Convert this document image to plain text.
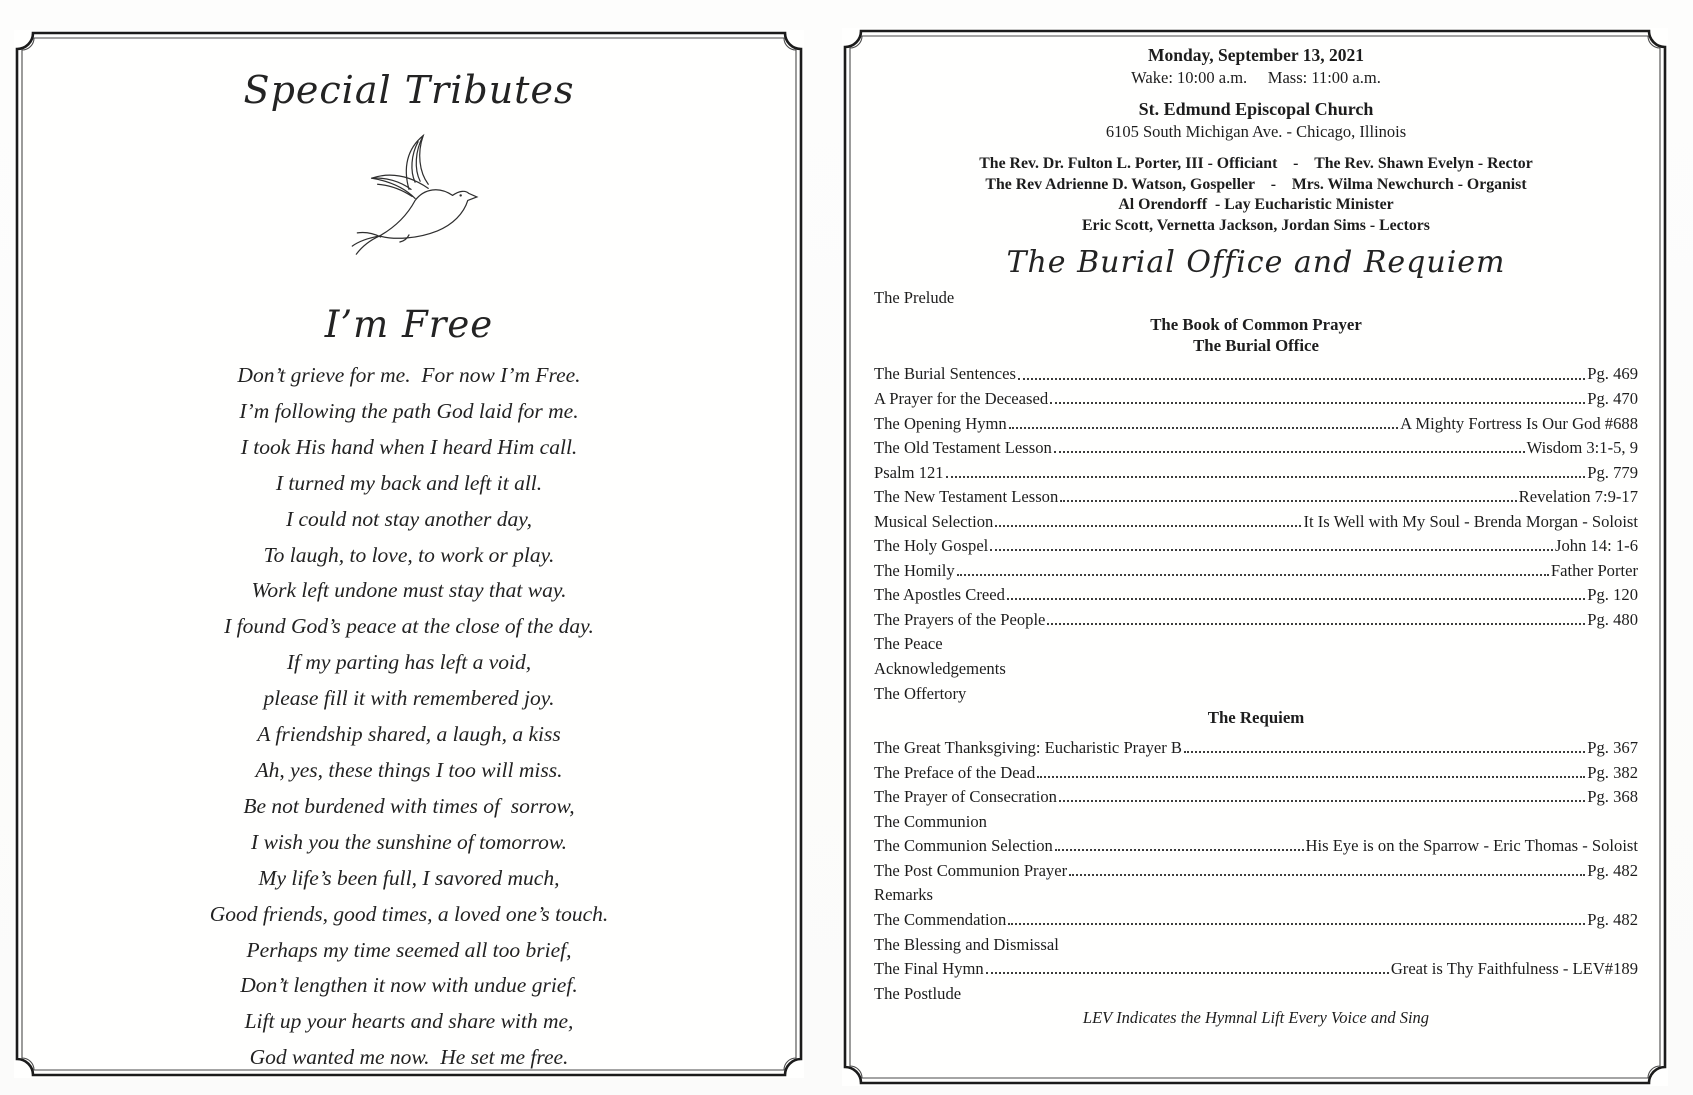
Special Tributes
I’m Free
Don’t grieve for me.  For now I’m Free.
I’m following the path God laid for me.
I took His hand when I heard Him call.
I turned my back and left it all.
I could not stay another day,
To laugh, to love, to work or play.
Work left undone must stay that way.
I found God’s peace at the close of the day.
If my parting has left a void,
please fill it with remembered joy.
A friendship shared, a laugh, a kiss
Ah, yes, these things I too will miss.
Be not burdened with times of  sorrow,
I wish you the sunshine of tomorrow.
My life’s been full, I savored much,
Good friends, good times, a loved one’s touch.
Perhaps my time seemed all too brief,
Don’t lengthen it now with undue grief.
Lift up your hearts and share with me,
God wanted me now.  He set me free.
Monday, September 13, 2021
Wake: 10:00 a.m.  Mass: 11:00 a.m.
St. Edmund Episcopal Church
6105 South Michigan Ave. - Chicago, Illinois
The Rev. Dr. Fulton L. Porter, III - Officiant  -  The Rev. Shawn Evelyn - Rector
The Rev Adrienne D. Watson, Gospeller  -  Mrs. Wilma Newchurch - Organist
Al Orendorff  - Lay Eucharistic Minister
Eric Scott, Vernetta Jackson, Jordan Sims - Lectors
The Burial Office and Requiem
The Prelude
The Book of Common Prayer
The Burial Office
The Burial Sentences	Pg. 469
A Prayer for the Deceased	Pg. 470
The Opening Hymn	A Mighty Fortress Is Our God #688
The Old Testament Lesson	Wisdom 3:1-5, 9
Psalm 121	Pg. 779
The New Testament Lesson	Revelation 7:9-17
Musical Selection	It Is Well with My Soul - Brenda Morgan - Soloist
The Holy Gospel	John 14: 1-6
The Homily	Father Porter
The Apostles Creed	Pg. 120
The Prayers of the People	Pg. 480
The Peace
Acknowledgements
The Offertory
The Requiem
The Great Thanksgiving: Eucharistic Prayer B	Pg. 367
The Preface of the Dead	Pg. 382
The Prayer of Consecration	Pg. 368
The Communion
The Communion Selection	His Eye is on the Sparrow - Eric Thomas - Soloist
The Post Communion Prayer	Pg. 482
Remarks
The Commendation	Pg. 482
The Blessing and Dismissal
The Final Hymn	Great is Thy Faithfulness - LEV#189
The Postlude
LEV Indicates the Hymnal Lift Every Voice and Sing
